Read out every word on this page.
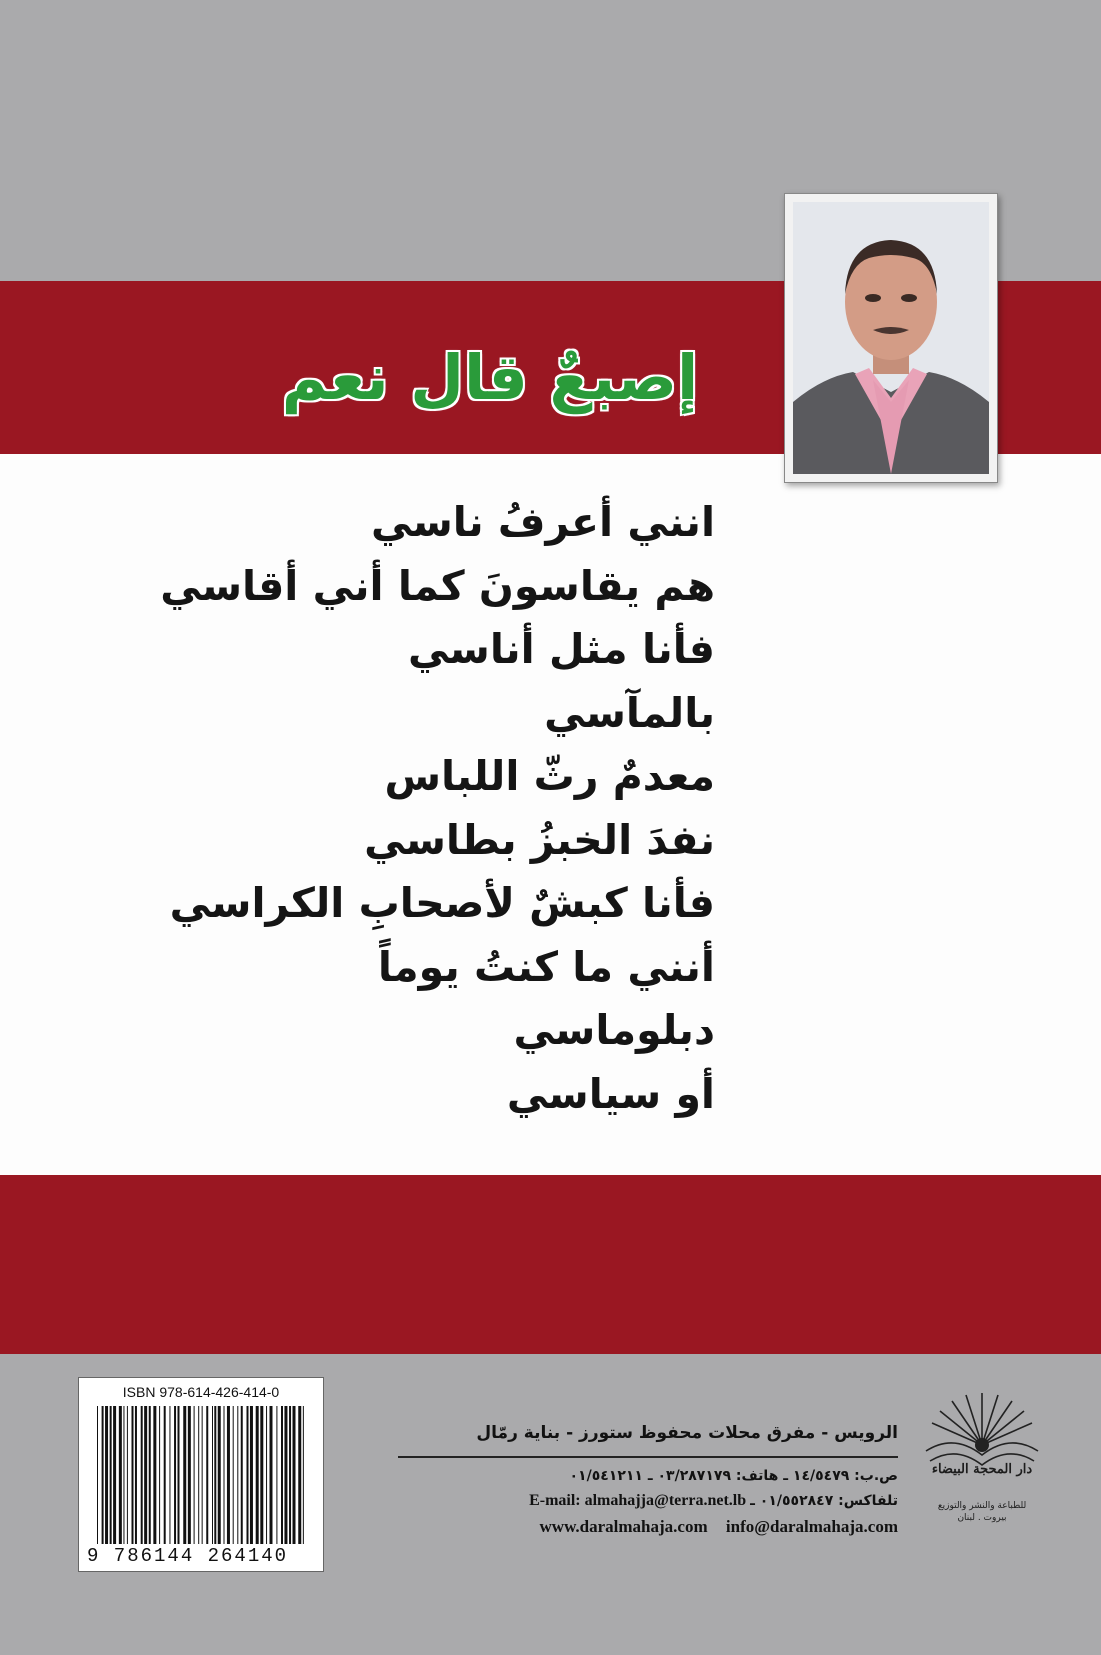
إصبعٌ قال نعم
انني أعرفُ ناسي
هم يقاسونَ كما أني أقاسي
فأنا مثل أناسي
بالمآسي
معدمٌ رثّ اللباس
نفدَ الخبزُ بطاسي
فأنا كبشٌ لأصحابِ الكراسي
أنني ما كنتُ يوماً
دبلوماسي
أو سياسي
ISBN 978-614-426-414-0
9 786144 264140
الرويس - مفرق محلات محفوظ ستورز - بناية رمّال
ص.ب: ١٤/٥٤٧٩ ـ هاتف: ٠٣/٢٨٧١٧٩ ـ ٠١/٥٤١٢١١
E-mail: almahajja@terra.net.lb تلفاكس: ٠١/٥٥٢٨٤٧ ـ
www.daralmahaja.com info@daralmahaja.com
دار المحجة البيضاء
للطباعة والنشر والتوزيع
بيروت . لبنان
